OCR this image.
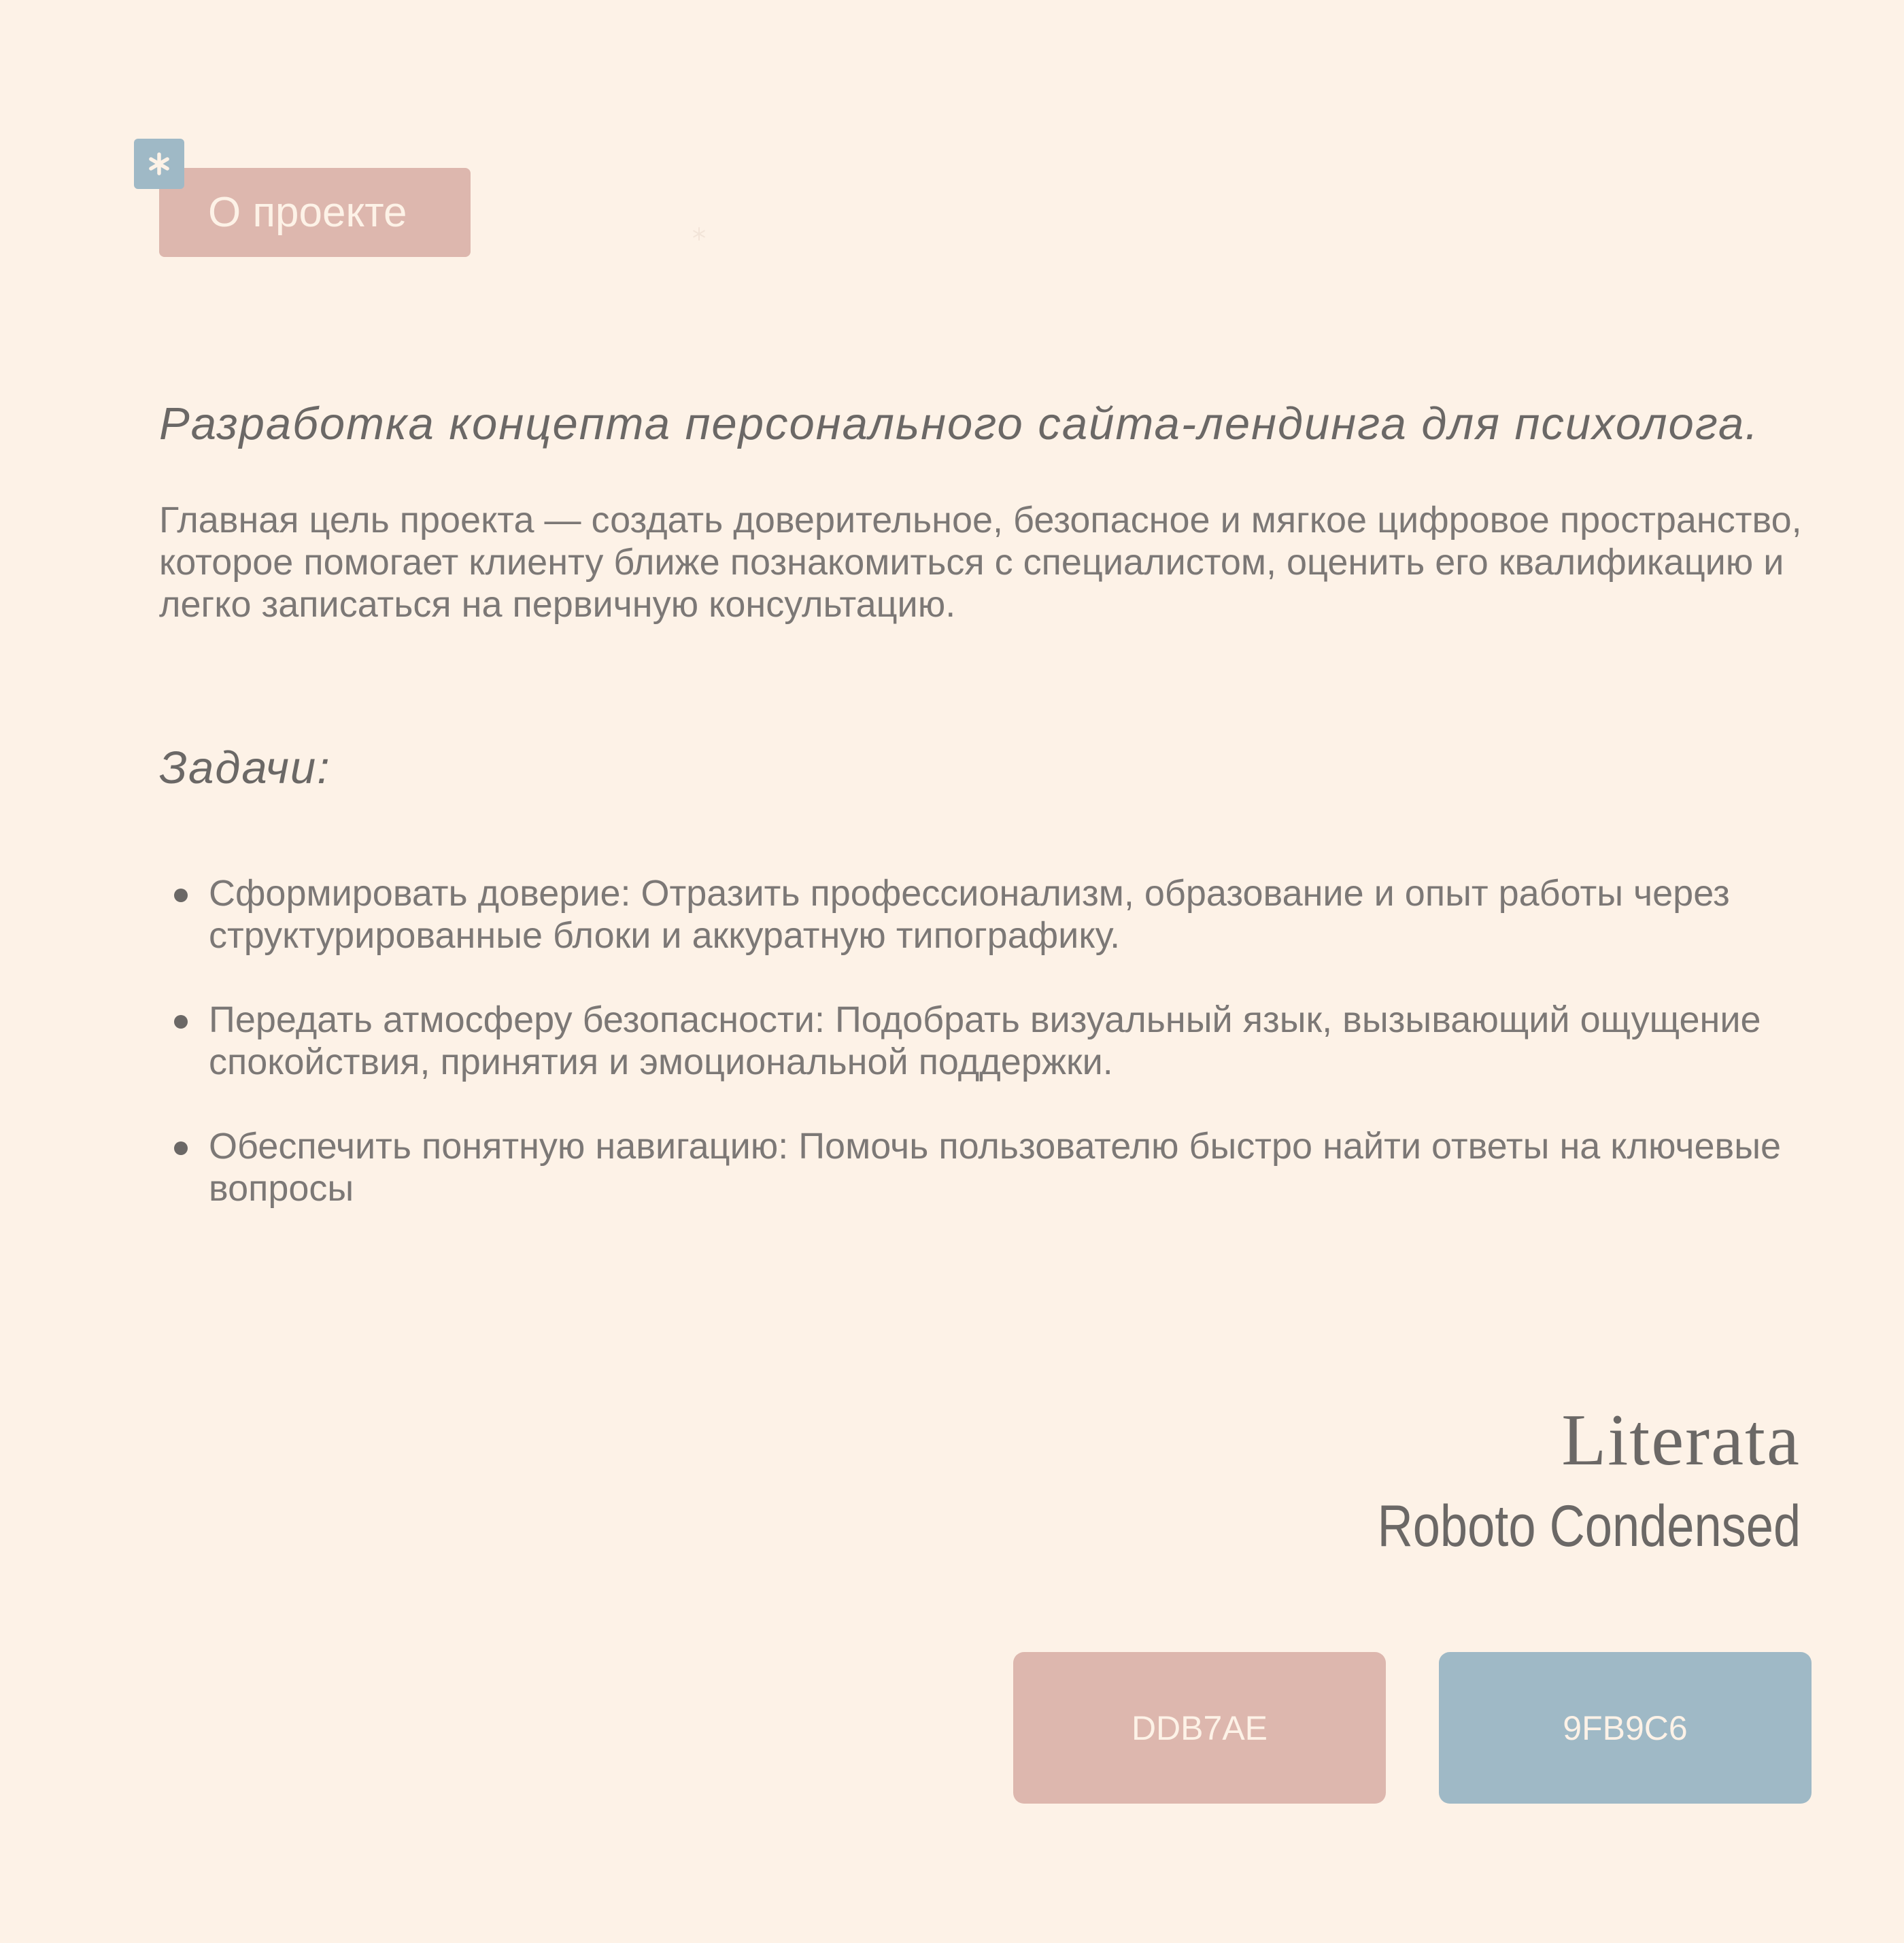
О проекте
Разработка концепта персонального сайта-лендинга для психолога.

Главная цель проекта — создать доверительное, безопасное и мягкое цифровое пространство, которое помогает клиенту ближе познакомиться с специалистом, оценить его квалификацию и легко записаться на первичную консультацию.

Задачи:
Сформировать доверие: Отразить профессионализм, образование и опыт работы через структурированные блоки и аккуратную типографику.
Передать атмосферу безопасности: Подобрать визуальный язык, вызывающий ощущение спокойствия, принятия и эмоциональной поддержки.
Обеспечить понятную навигацию: Помочь пользователю быстро найти ответы на ключевые вопросы
Literata
Roboto Condensed
DDB7AE	9FB9C6
